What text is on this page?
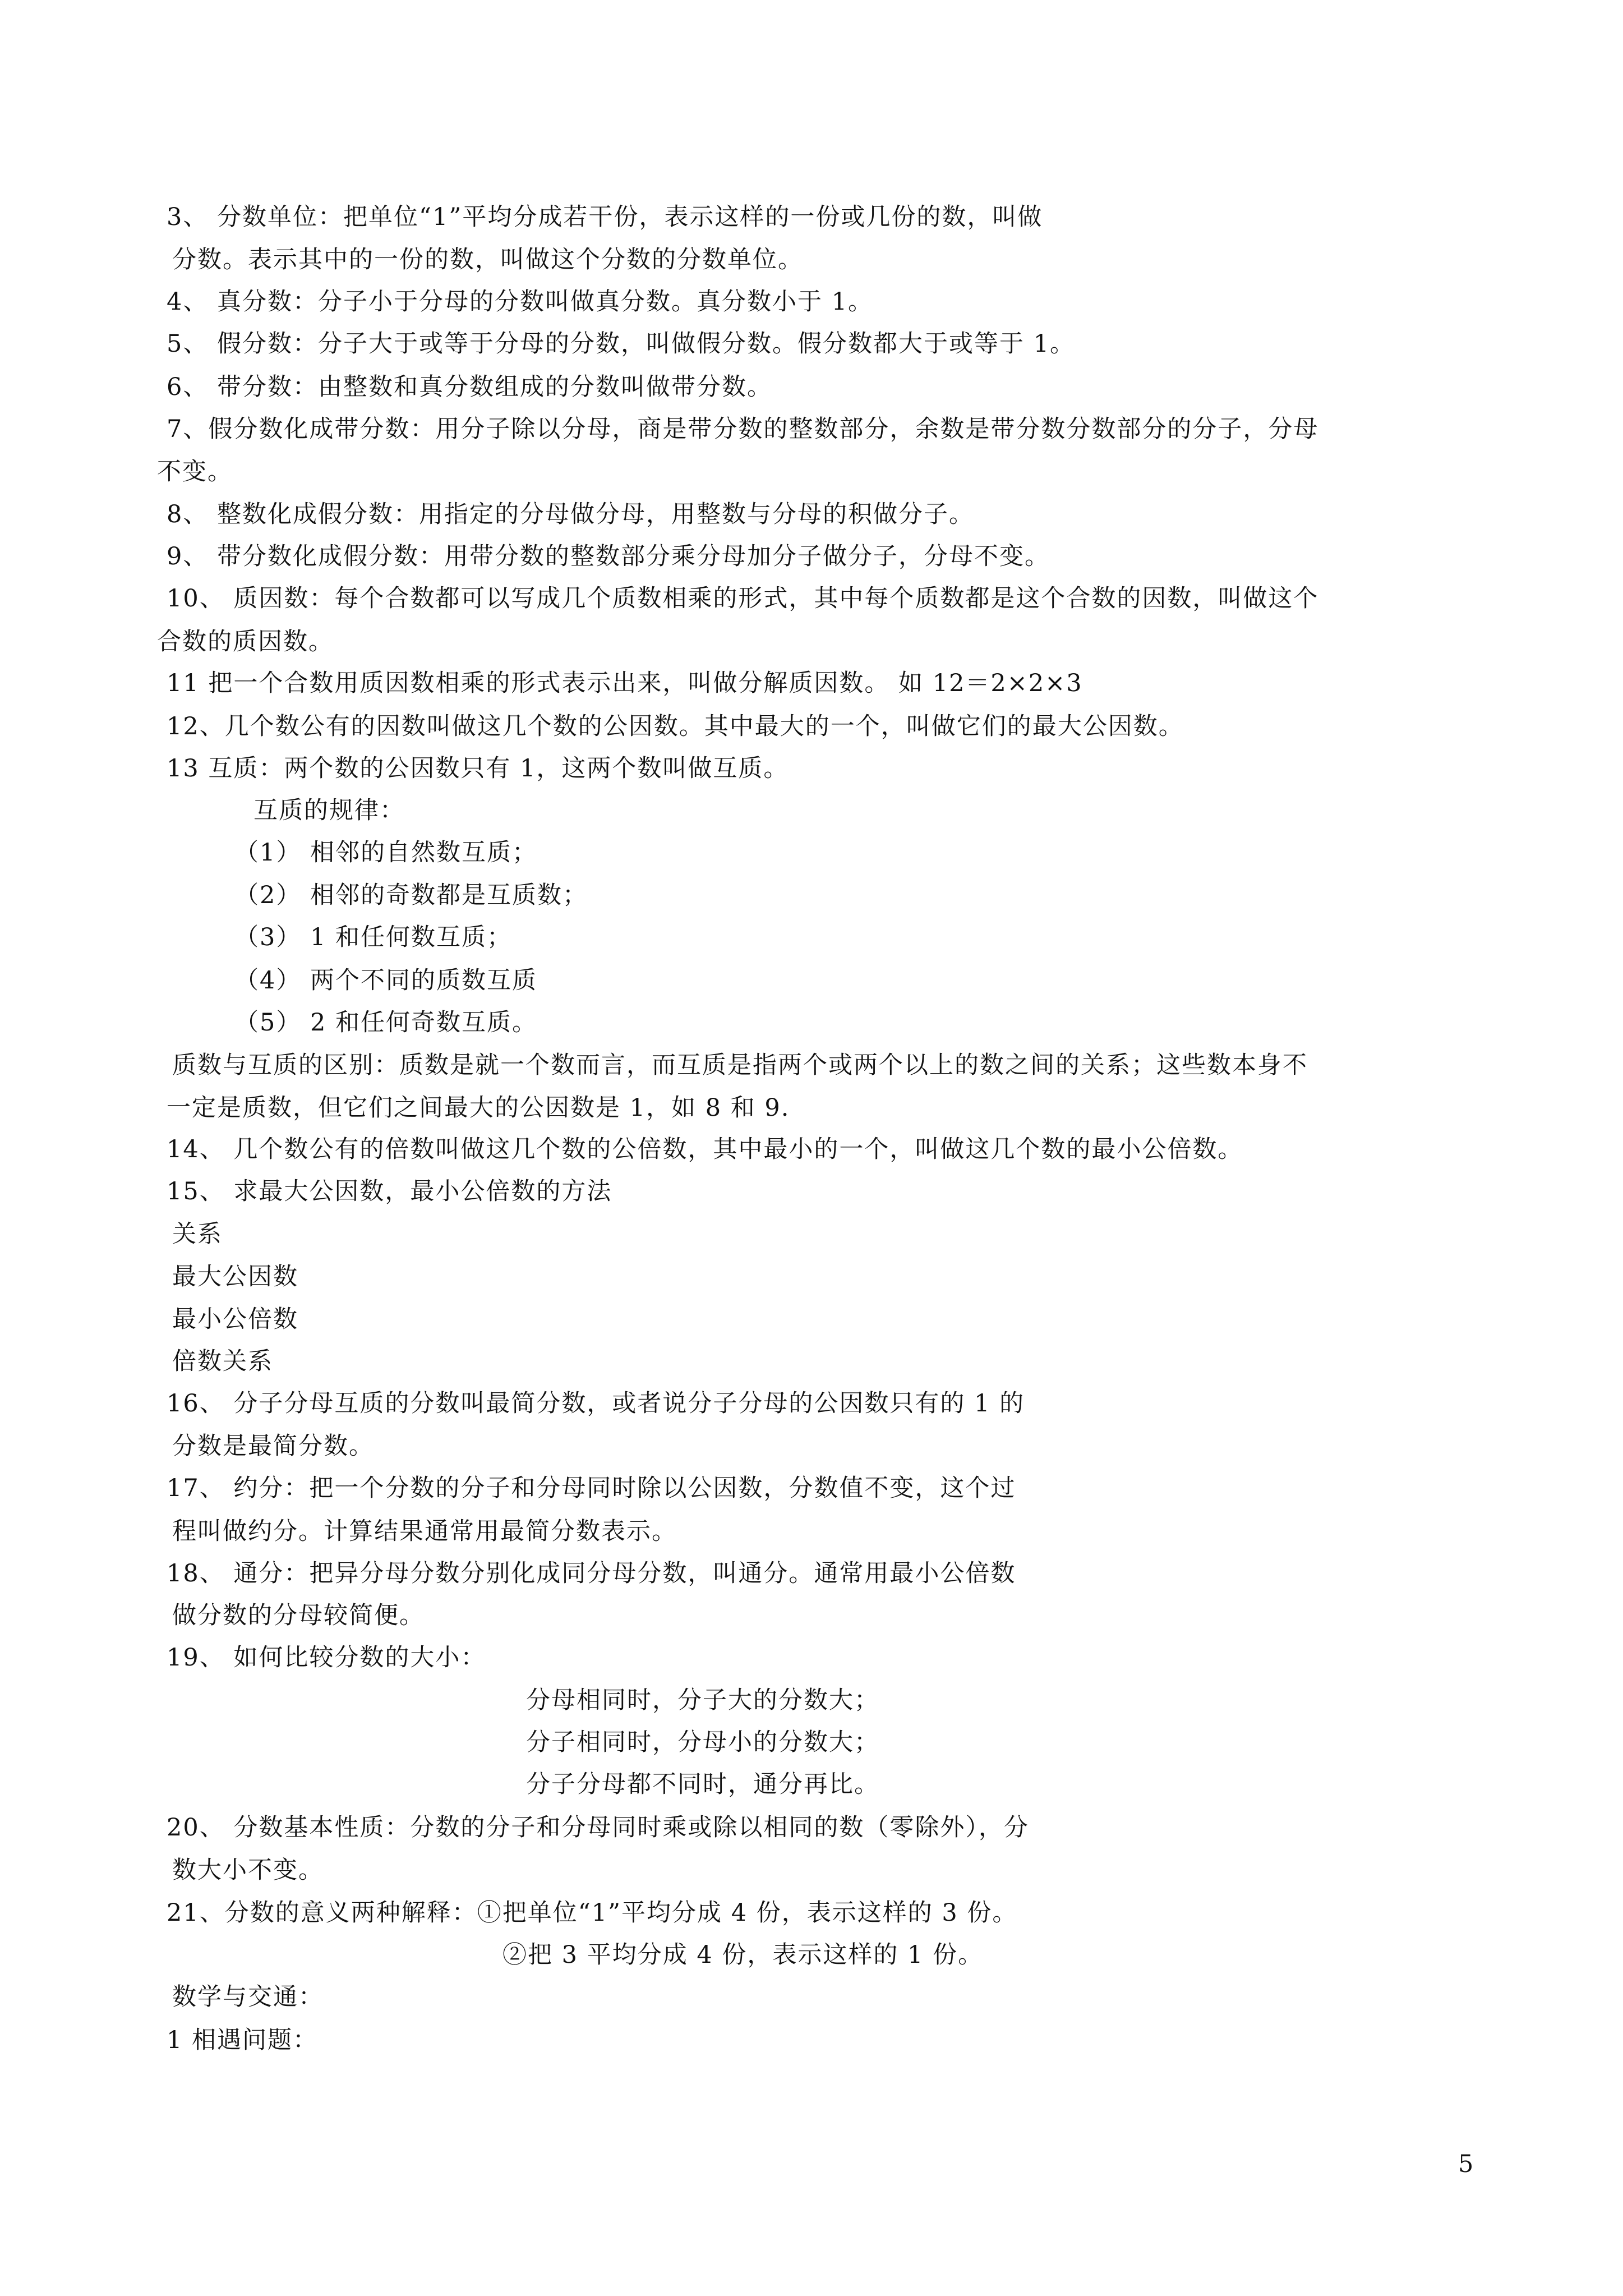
3、 分数单位：把单位“1”平均分成若干份，表示这样的一份或几份的数，叫做
分数。表示其中的一份的数，叫做这个分数的分数单位。
4、 真分数：分子小于分母的分数叫做真分数。真分数小于 1。
5、 假分数：分子大于或等于分母的分数，叫做假分数。假分数都大于或等于 1。
6、 带分数：由整数和真分数组成的分数叫做带分数。
7、假分数化成带分数：用分子除以分母，商是带分数的整数部分，余数是带分数分数部分的分子，分母
不变。
8、 整数化成假分数：用指定的分母做分母，用整数与分母的积做分子。
9、 带分数化成假分数：用带分数的整数部分乘分母加分子做分子，分母不变。
10、 质因数：每个合数都可以写成几个质数相乘的形式，其中每个质数都是这个合数的因数，叫做这个
合数的质因数。
11 把一个合数用质因数相乘的形式表示出来，叫做分解质因数。 如 12＝2×2×3
12、几个数公有的因数叫做这几个数的公因数。其中最大的一个，叫做它们的最大公因数。
13 互质：两个数的公因数只有 1，这两个数叫做互质。
互质的规律：
（1） 相邻的自然数互质；
（2） 相邻的奇数都是互质数；
（3） 1 和任何数互质；
（4） 两个不同的质数互质
（5） 2 和任何奇数互质。
质数与互质的区别：质数是就一个数而言，而互质是指两个或两个以上的数之间的关系；这些数本身不
一定是质数，但它们之间最大的公因数是 1，如 8 和 9.
14、 几个数公有的倍数叫做这几个数的公倍数，其中最小的一个，叫做这几个数的最小公倍数。
15、 求最大公因数，最小公倍数的方法
关系
最大公因数
最小公倍数
倍数关系
16、 分子分母互质的分数叫最简分数，或者说分子分母的公因数只有的 1 的
分数是最简分数。
17、 约分：把一个分数的分子和分母同时除以公因数，分数值不变，这个过
程叫做约分。计算结果通常用最简分数表示。
18、 通分：把异分母分数分别化成同分母分数，叫通分。通常用最小公倍数
做分数的分母较简便。
19、 如何比较分数的大小：
分母相同时，分子大的分数大；
分子相同时，分母小的分数大；
分子分母都不同时，通分再比。
20、 分数基本性质：分数的分子和分母同时乘或除以相同的数（零除外），分
数大小不变。
21、分数的意义两种解释：①把单位“1”平均分成 4 份，表示这样的 3 份。
②把 3 平均分成 4 份，表示这样的 1 份。
数学与交通：
1 相遇问题：
5
